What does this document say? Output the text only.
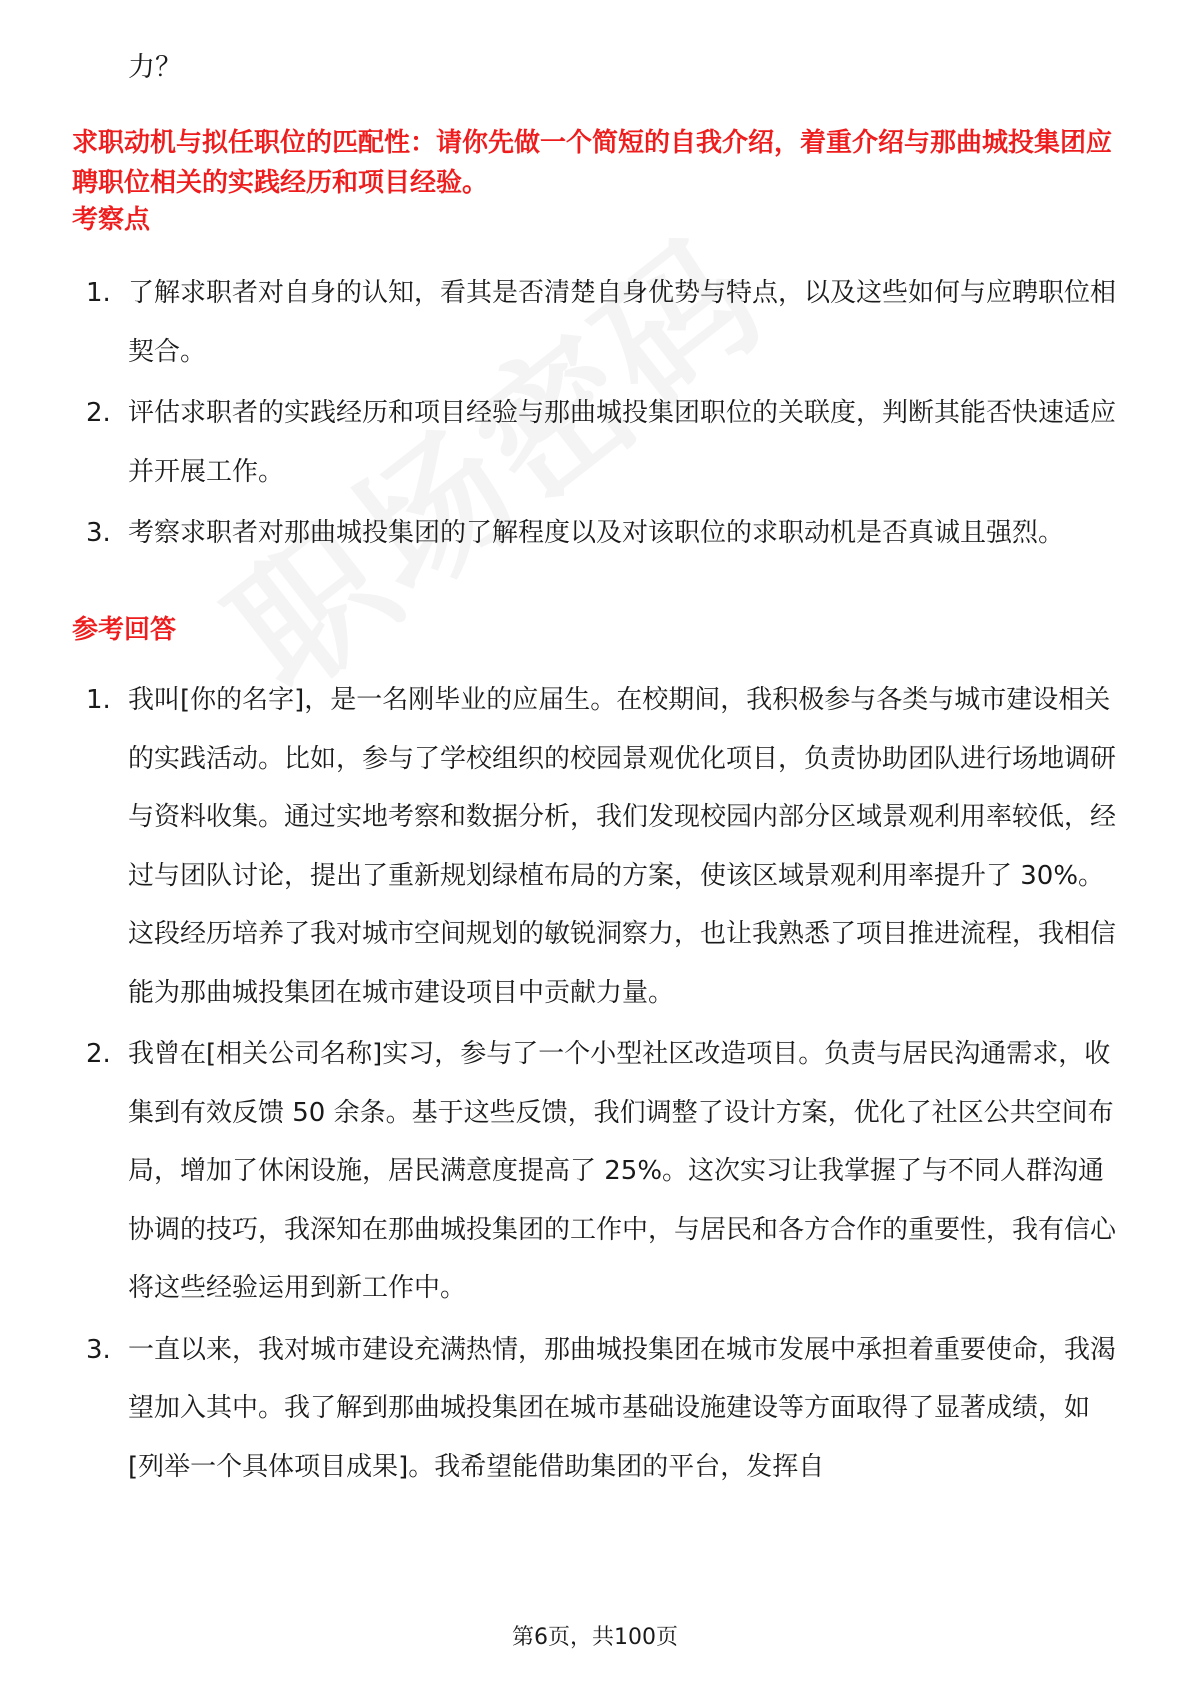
力？
求职动机与拟任职位的匹配性：请你先做一个简短的自我介绍，着重介绍与那曲城投集团应聘职位相关的实践经历和项目经验。
考察点
1. 了解求职者对自身的认知，看其是否清楚自身优势与特点，以及这些如何与应聘职位相契合。
2. 评估求职者的实践经历和项目经验与那曲城投集团职位的关联度，判断其能否快速适应并开展工作。
3. 考察求职者对那曲城投集团的了解程度以及对该职位的求职动机是否真诚且强烈。
参考回答
1. 我叫[你的名字]，是一名刚毕业的应届生。在校期间，我积极参与各类与城市建设相关的实践活动。比如，参与了学校组织的校园景观优化项目，负责协助团队进行场地调研与资料收集。通过实地考察和数据分析，我们发现校园内部分区域景观利用率较低，经过与团队讨论，提出了重新规划绿植布局的方案，使该区域景观利用率提升了 30%。这段经历培养了我对城市空间规划的敏锐洞察力，也让我熟悉了项目推进流程，我相信能为那曲城投集团在城市建设项目中贡献力量。
2. 我曾在[相关公司名称]实习，参与了一个小型社区改造项目。负责与居民沟通需求，收集到有效反馈 50 余条。基于这些反馈，我们调整了设计方案，优化了社区公共空间布局，增加了休闲设施，居民满意度提高了 25%。这次实习让我掌握了与不同人群沟通协调的技巧，我深知在那曲城投集团的工作中，与居民和各方合作的重要性，我有信心将这些经验运用到新工作中。
3. 一直以来，我对城市建设充满热情，那曲城投集团在城市发展中承担着重要使命，我渴望加入其中。我了解到那曲城投集团在城市基础设施建设等方面取得了显著成绩，如[列举一个具体项目成果]。我希望能借助集团的平台，发挥自
第6页，共100页
